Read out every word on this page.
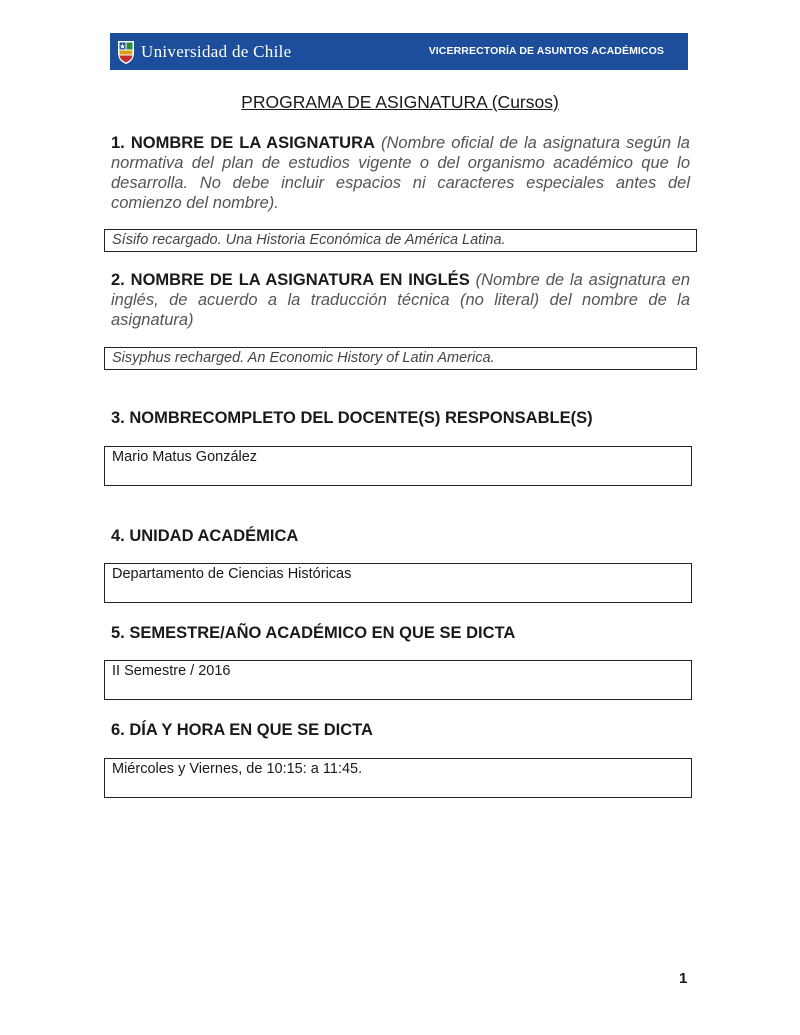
Universidad de Chile	VICERRECTORÍA DE ASUNTOS ACADÉMICOS
PROGRAMA DE ASIGNATURA (Cursos)
1. NOMBRE DE LA ASIGNATURA (Nombre oficial de la asignatura según la normativa del plan de estudios vigente o del organismo académico que lo desarrolla. No debe incluir espacios ni caracteres especiales antes del comienzo del nombre).
Sísifo recargado. Una Historia Económica de América Latina.
2. NOMBRE DE LA ASIGNATURA EN INGLÉS (Nombre de la asignatura en inglés, de acuerdo a la traducción técnica (no literal) del nombre de la asignatura)
Sisyphus recharged. An Economic History of Latin America.
3. NOMBRECOMPLETO DEL DOCENTE(S) RESPONSABLE(S)
Mario Matus González
4. UNIDAD ACADÉMICA
Departamento de Ciencias Históricas
5. SEMESTRE/AÑO ACADÉMICO EN QUE SE DICTA
II Semestre / 2016
6. DÍA Y HORA EN QUE SE DICTA
Miércoles y Viernes, de 10:15: a 11:45.
1
